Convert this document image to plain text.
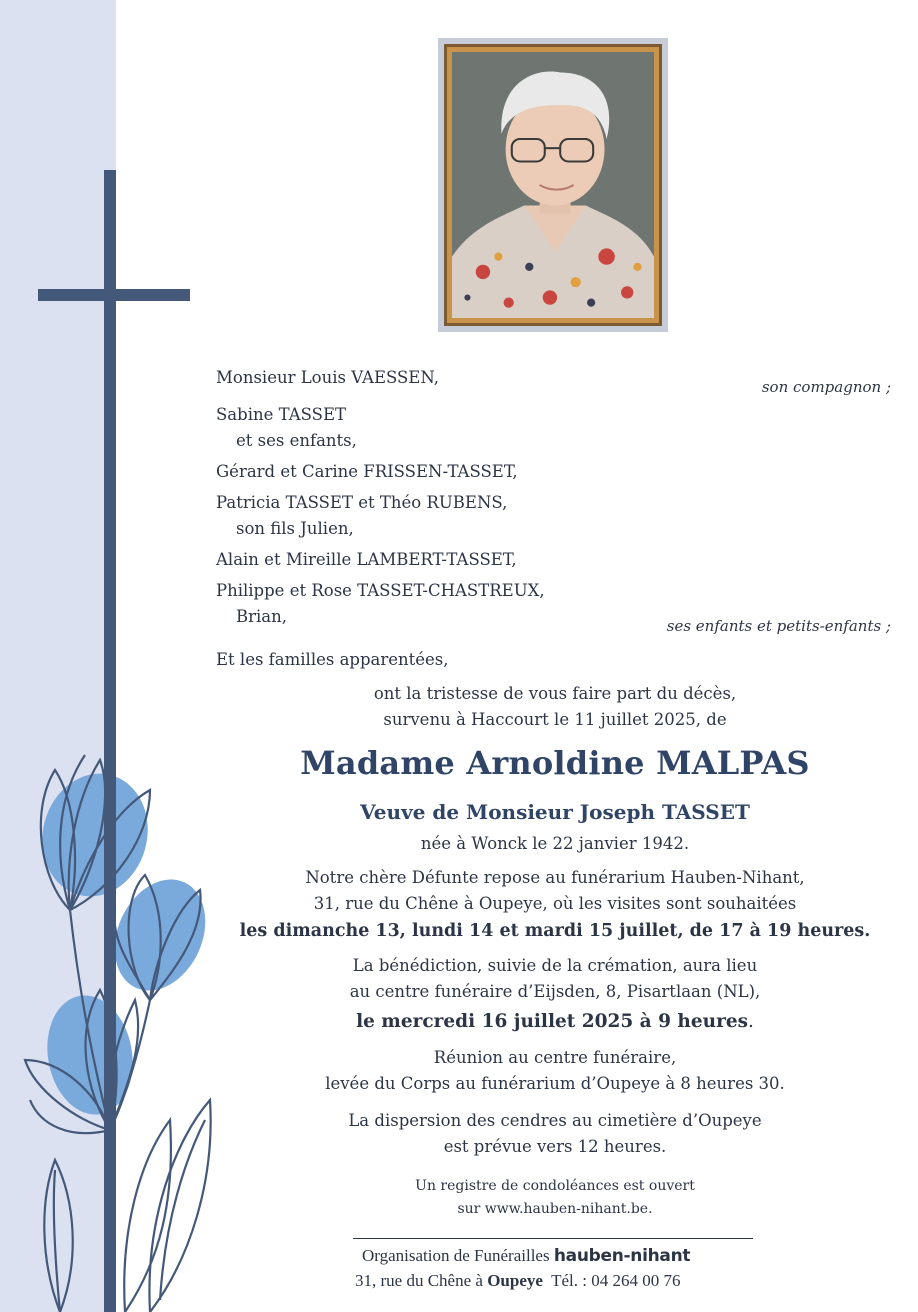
Monsieur Louis VAESSEN,	son compagnon ;

Sabine TASSET

et ses enfants,

Gérard et Carine FRISSEN-TASSET,

Patricia TASSET et Théo RUBENS,

son fils Julien,

Alain et Mireille LAMBERT-TASSET,

Philippe et Rose TASSET-CHASTREUX,

Brian,	ses enfants et petits-enfants ;

Et les familles apparentées,

ont la tristesse de vous faire part du décès,

survenu à Haccourt le 11 juillet 2025, de

Madame Arnoldine MALPAS

Veuve de Monsieur Joseph TASSET

née à Wonck le 22 janvier 1942.

Notre chère Défunte repose au funérarium Hauben-Nihant,

31, rue du Chêne à Oupeye, où les visites sont souhaitées

les dimanche 13, lundi 14 et mardi 15 juillet, de 17 à 19 heures.

La bénédiction, suivie de la crémation, aura lieu

au centre funéraire d’Eijsden, 8, Pisartlaan (NL),

le mercredi 16 juillet 2025 à 9 heures.

Réunion au centre funéraire,

levée du Corps au funérarium d’Oupeye à 8 heures 30.

La dispersion des cendres au cimetière d’Oupeye

est prévue vers 12 heures.

Un registre de condoléances est ouvert

sur www.hauben-nihant.be.

Organisation de Funérailles hauben-nihant

31, rue du Chêne à Oupeye Tél. : 04 264 00 76
